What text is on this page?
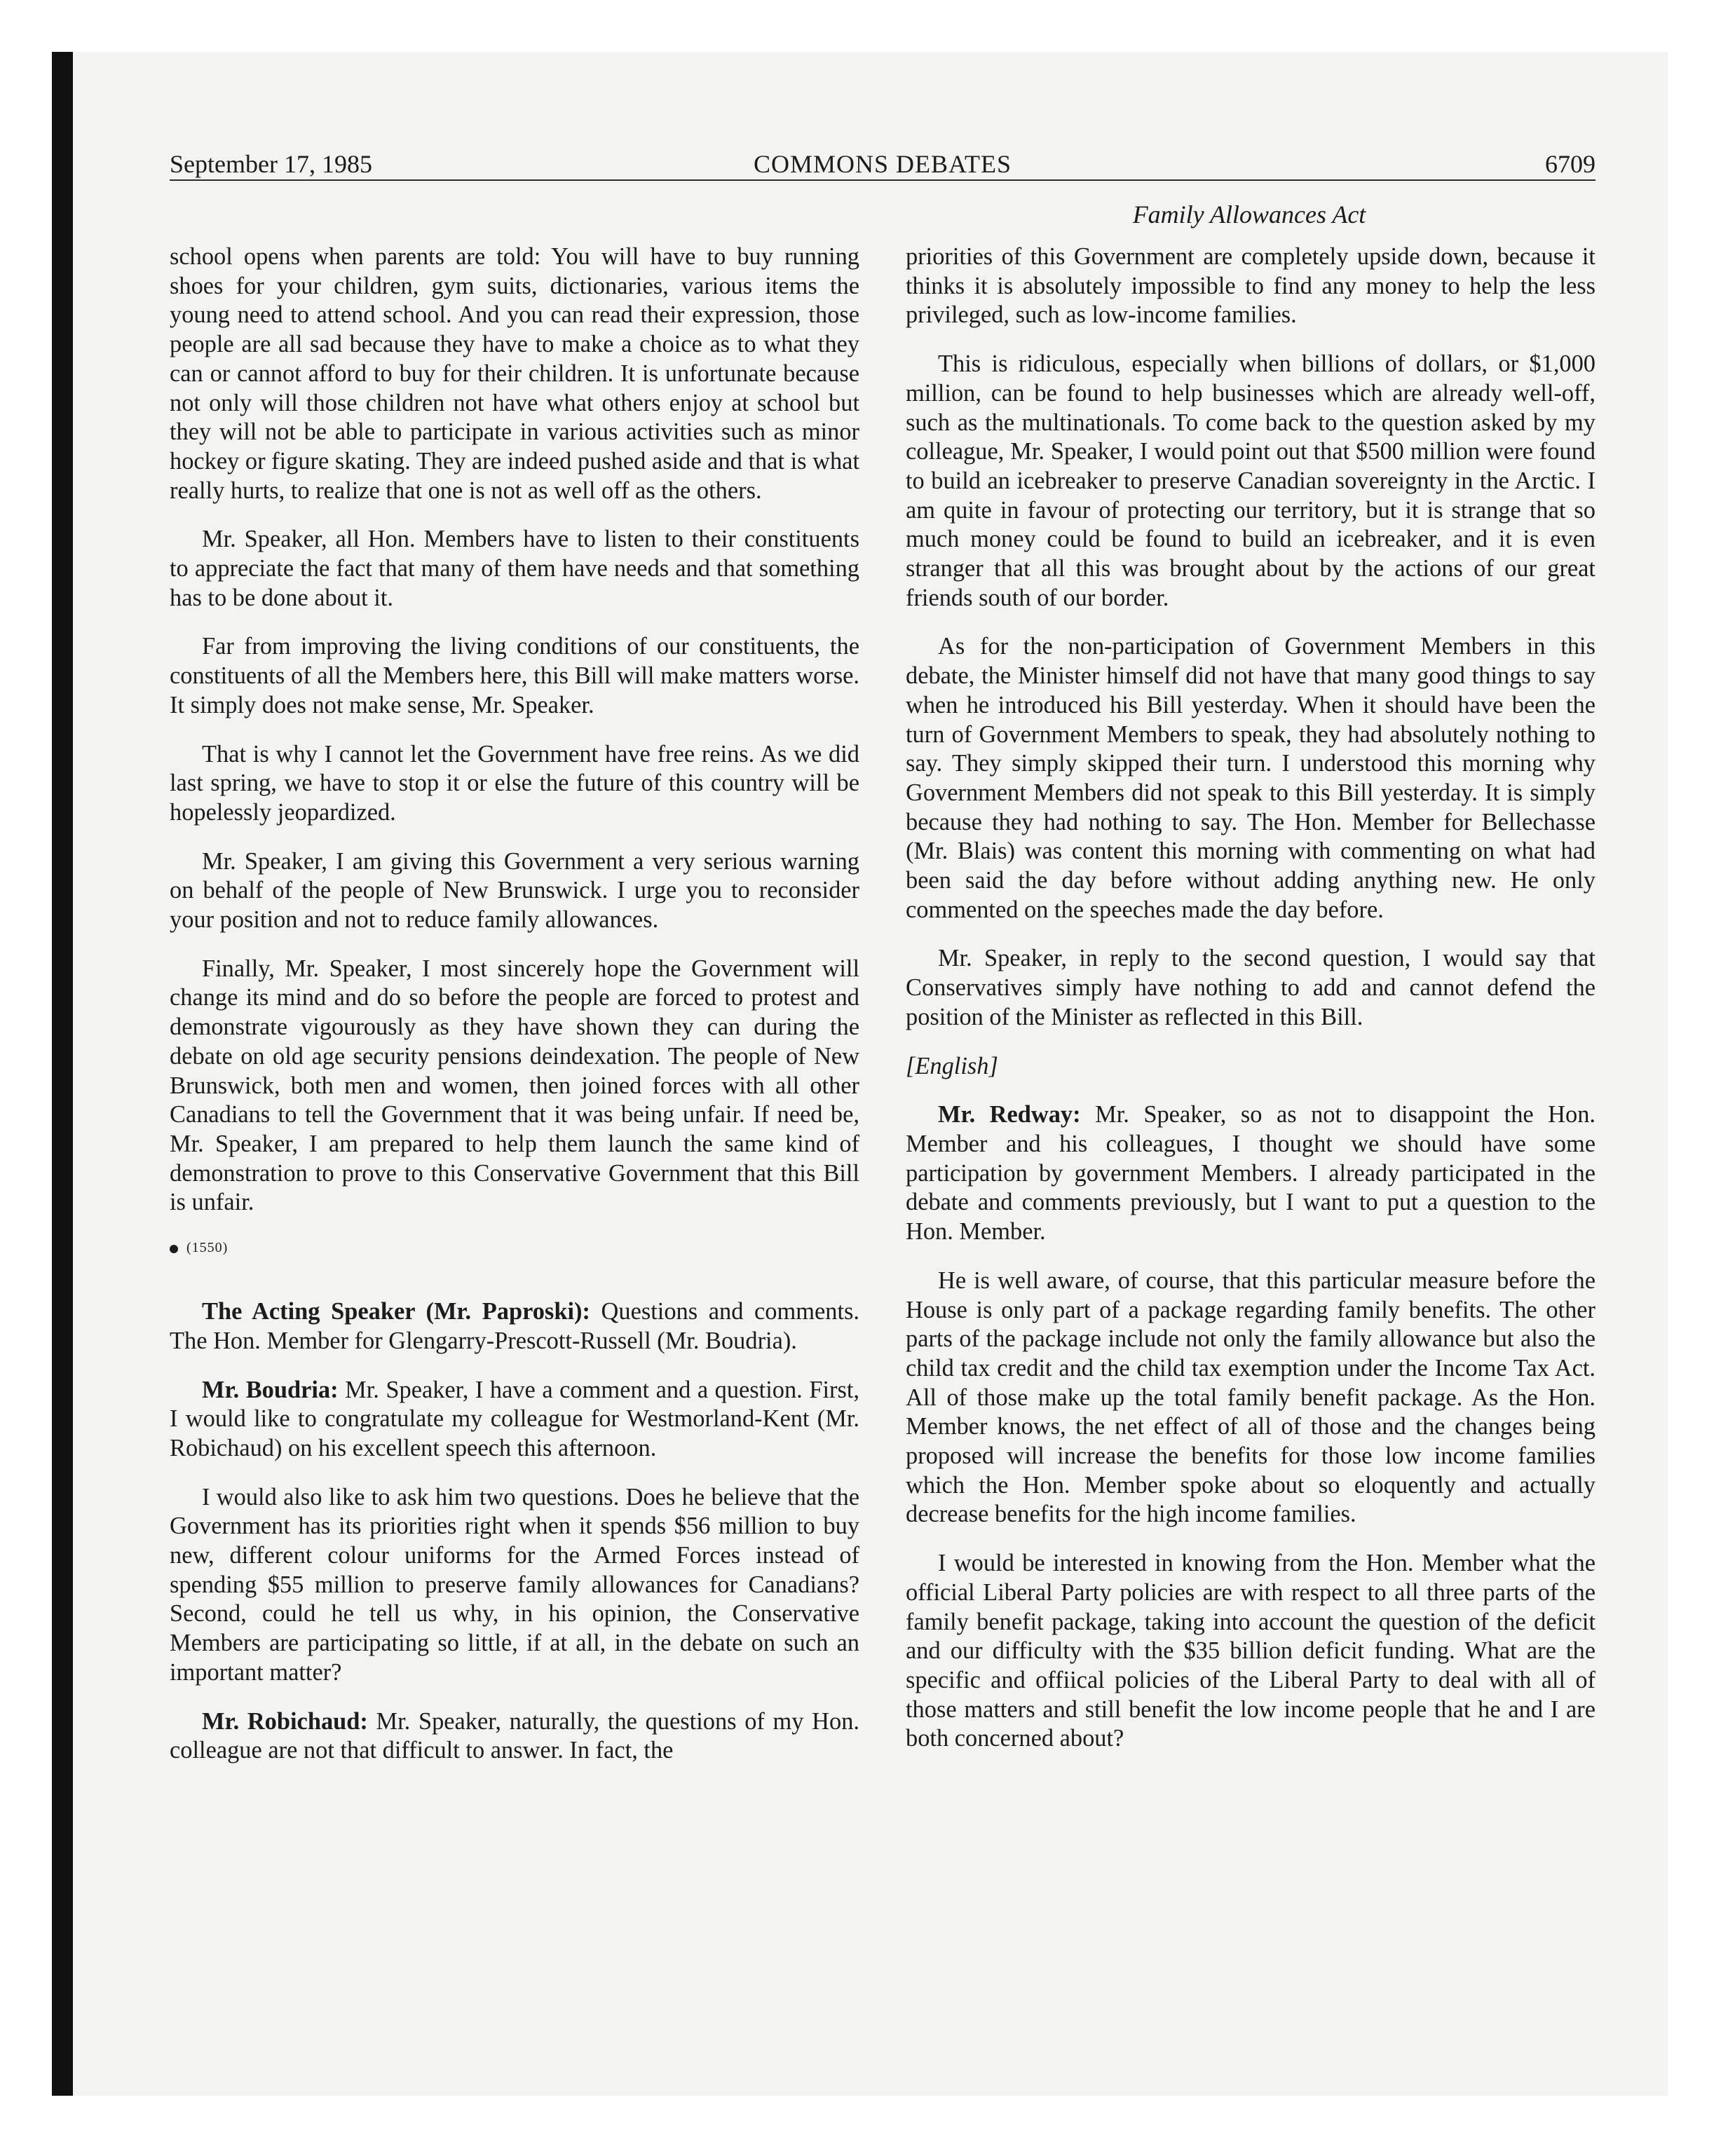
September 17, 1985	COMMONS DEBATES	6709
Family Allowances Act

school opens when parents are told: You will have to buy running shoes for your children, gym suits, dictionaries, various items the young need to attend school. And you can read their expression, those people are all sad because they have to make a choice as to what they can or cannot afford to buy for their children. It is unfortunate because not only will those children not have what others enjoy at school but they will not be able to participate in various activities such as minor hockey or figure skating. They are indeed pushed aside and that is what really hurts, to realize that one is not as well off as the others.

Mr. Speaker, all Hon. Members have to listen to their constituents to appreciate the fact that many of them have needs and that something has to be done about it.

Far from improving the living conditions of our constituents, the constituents of all the Members here, this Bill will make matters worse. It simply does not make sense, Mr. Speaker.

That is why I cannot let the Government have free reins. As we did last spring, we have to stop it or else the future of this country will be hopelessly jeopardized.

Mr. Speaker, I am giving this Government a very serious warning on behalf of the people of New Brunswick. I urge you to reconsider your position and not to reduce family allowances.

Finally, Mr. Speaker, I most sincerely hope the Government will change its mind and do so before the people are forced to protest and demonstrate vigourously as they have shown they can during the debate on old age security pensions deindexation. The people of New Brunswick, both men and women, then joined forces with all other Canadians to tell the Government that it was being unfair. If need be, Mr. Speaker, I am prepared to help them launch the same kind of demonstration to prove to this Conservative Government that this Bill is unfair.

(1550)

The Acting Speaker (Mr. Paproski): Questions and comments. The Hon. Member for Glengarry-Prescott-Russell (Mr. Boudria).

Mr. Boudria: Mr. Speaker, I have a comment and a question. First, I would like to congratulate my colleague for Westmorland-Kent (Mr. Robichaud) on his excellent speech this afternoon.

I would also like to ask him two questions. Does he believe that the Government has its priorities right when it spends $56 million to buy new, different colour uniforms for the Armed Forces instead of spending $55 million to preserve family allowances for Canadians? Second, could he tell us why, in his opinion, the Conservative Members are participating so little, if at all, in the debate on such an important matter?

Mr. Robichaud: Mr. Speaker, naturally, the questions of my Hon. colleague are not that difficult to answer. In fact, the

priorities of this Government are completely upside down, because it thinks it is absolutely impossible to find any money to help the less privileged, such as low-income families.

This is ridiculous, especially when billions of dollars, or $1,000 million, can be found to help businesses which are already well-off, such as the multinationals. To come back to the question asked by my colleague, Mr. Speaker, I would point out that $500 million were found to build an icebreaker to preserve Canadian sovereignty in the Arctic. I am quite in favour of protecting our territory, but it is strange that so much money could be found to build an icebreaker, and it is even stranger that all this was brought about by the actions of our great friends south of our border.

As for the non-participation of Government Members in this debate, the Minister himself did not have that many good things to say when he introduced his Bill yesterday. When it should have been the turn of Government Members to speak, they had absolutely nothing to say. They simply skipped their turn. I understood this morning why Government Members did not speak to this Bill yesterday. It is simply because they had nothing to say. The Hon. Member for Bellechasse (Mr. Blais) was content this morning with commenting on what had been said the day before without adding anything new. He only commented on the speeches made the day before.

Mr. Speaker, in reply to the second question, I would say that Conservatives simply have nothing to add and cannot defend the position of the Minister as reflected in this Bill.

[English]

Mr. Redway: Mr. Speaker, so as not to disappoint the Hon. Member and his colleagues, I thought we should have some participation by government Members. I already participated in the debate and comments previously, but I want to put a question to the Hon. Member.

He is well aware, of course, that this particular measure before the House is only part of a package regarding family benefits. The other parts of the package include not only the family allowance but also the child tax credit and the child tax exemption under the Income Tax Act. All of those make up the total family benefit package. As the Hon. Member knows, the net effect of all of those and the changes being proposed will increase the benefits for those low income families which the Hon. Member spoke about so eloquently and actually decrease benefits for the high income families.

I would be interested in knowing from the Hon. Member what the official Liberal Party policies are with respect to all three parts of the family benefit package, taking into account the question of the deficit and our difficulty with the $35 billion deficit funding. What are the specific and offiical policies of the Liberal Party to deal with all of those matters and still benefit the low income people that he and I are both concerned about?
